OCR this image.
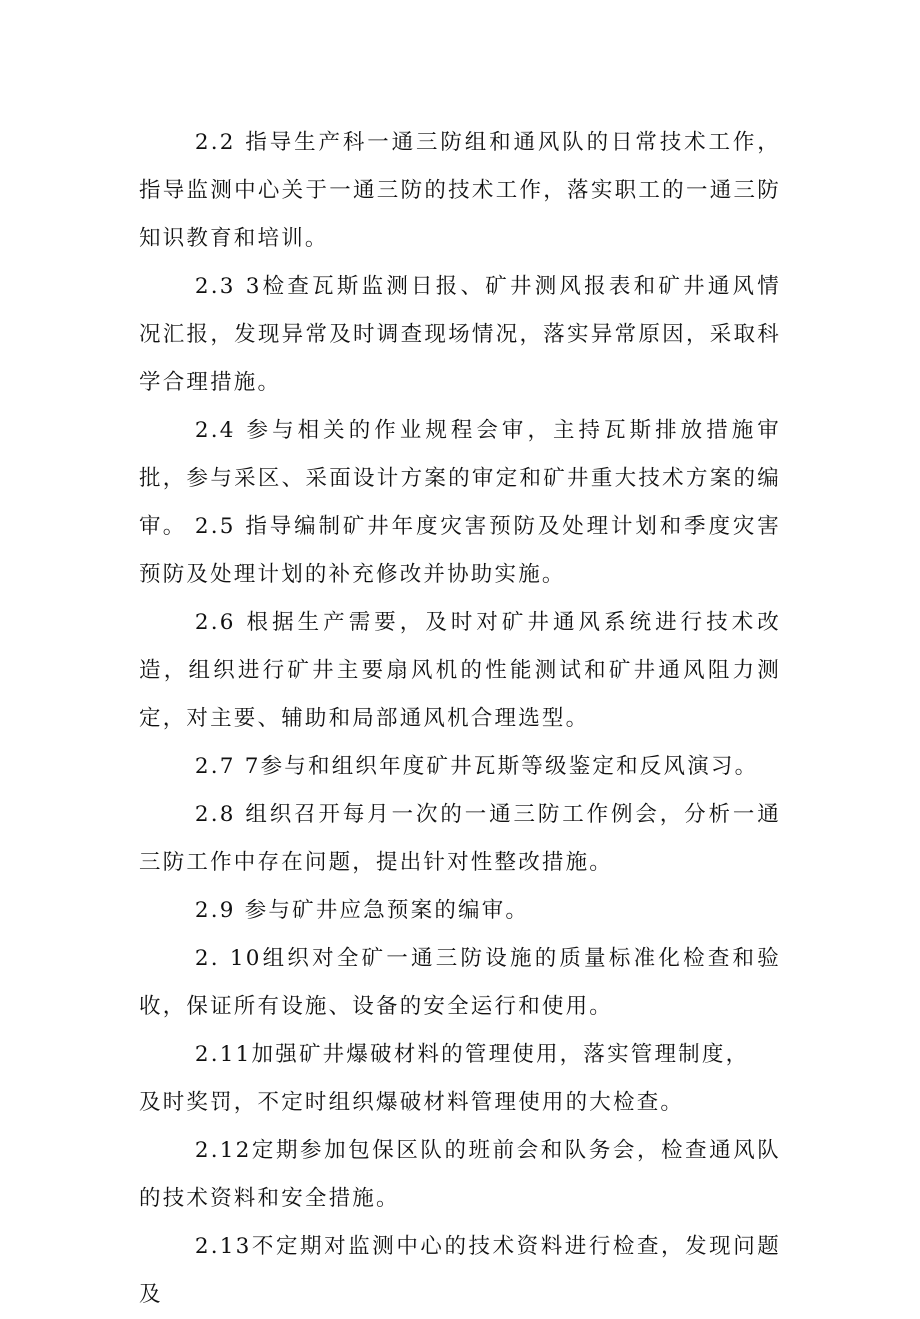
2.2 指导生产科一通三防组和通风队的日常技术工作，指导监测中心关于一通三防的技术工作，落实职工的一通三防知识教育和培训。

2.3 3检查瓦斯监测日报、矿井测风报表和矿井通风情况汇报，发现异常及时调查现场情况，落实异常原因，采取科学合理措施。

2.4 参与相关的作业规程会审，主持瓦斯排放措施审批，参与采区、采面设计方案的审定和矿井重大技术方案的编审。 2.5 指导编制矿井年度灾害预防及处理计划和季度灾害预防及处理计划的补充修改并协助实施。

2.6 根据生产需要，及时对矿井通风系统进行技术改造，组织进行矿井主要扇风机的性能测试和矿井通风阻力测定，对主要、辅助和局部通风机合理选型。

2.7 7参与和组织年度矿井瓦斯等级鉴定和反风演习。

2.8 组织召开每月一次的一通三防工作例会，分析一通三防工作中存在问题，提出针对性整改措施。

2.9 参与矿井应急预案的编审。

2. 10组织对全矿一通三防设施的质量标准化检查和验收，保证所有设施、设备的安全运行和使用。

2.11加强矿井爆破材料的管理使用，落实管理制度，
及时奖罚，不定时组织爆破材料管理使用的大检查。

2.12定期参加包保区队的班前会和队务会，检查通风队的技术资料和安全措施。

2.13不定期对监测中心的技术资料进行检查，发现问题及
